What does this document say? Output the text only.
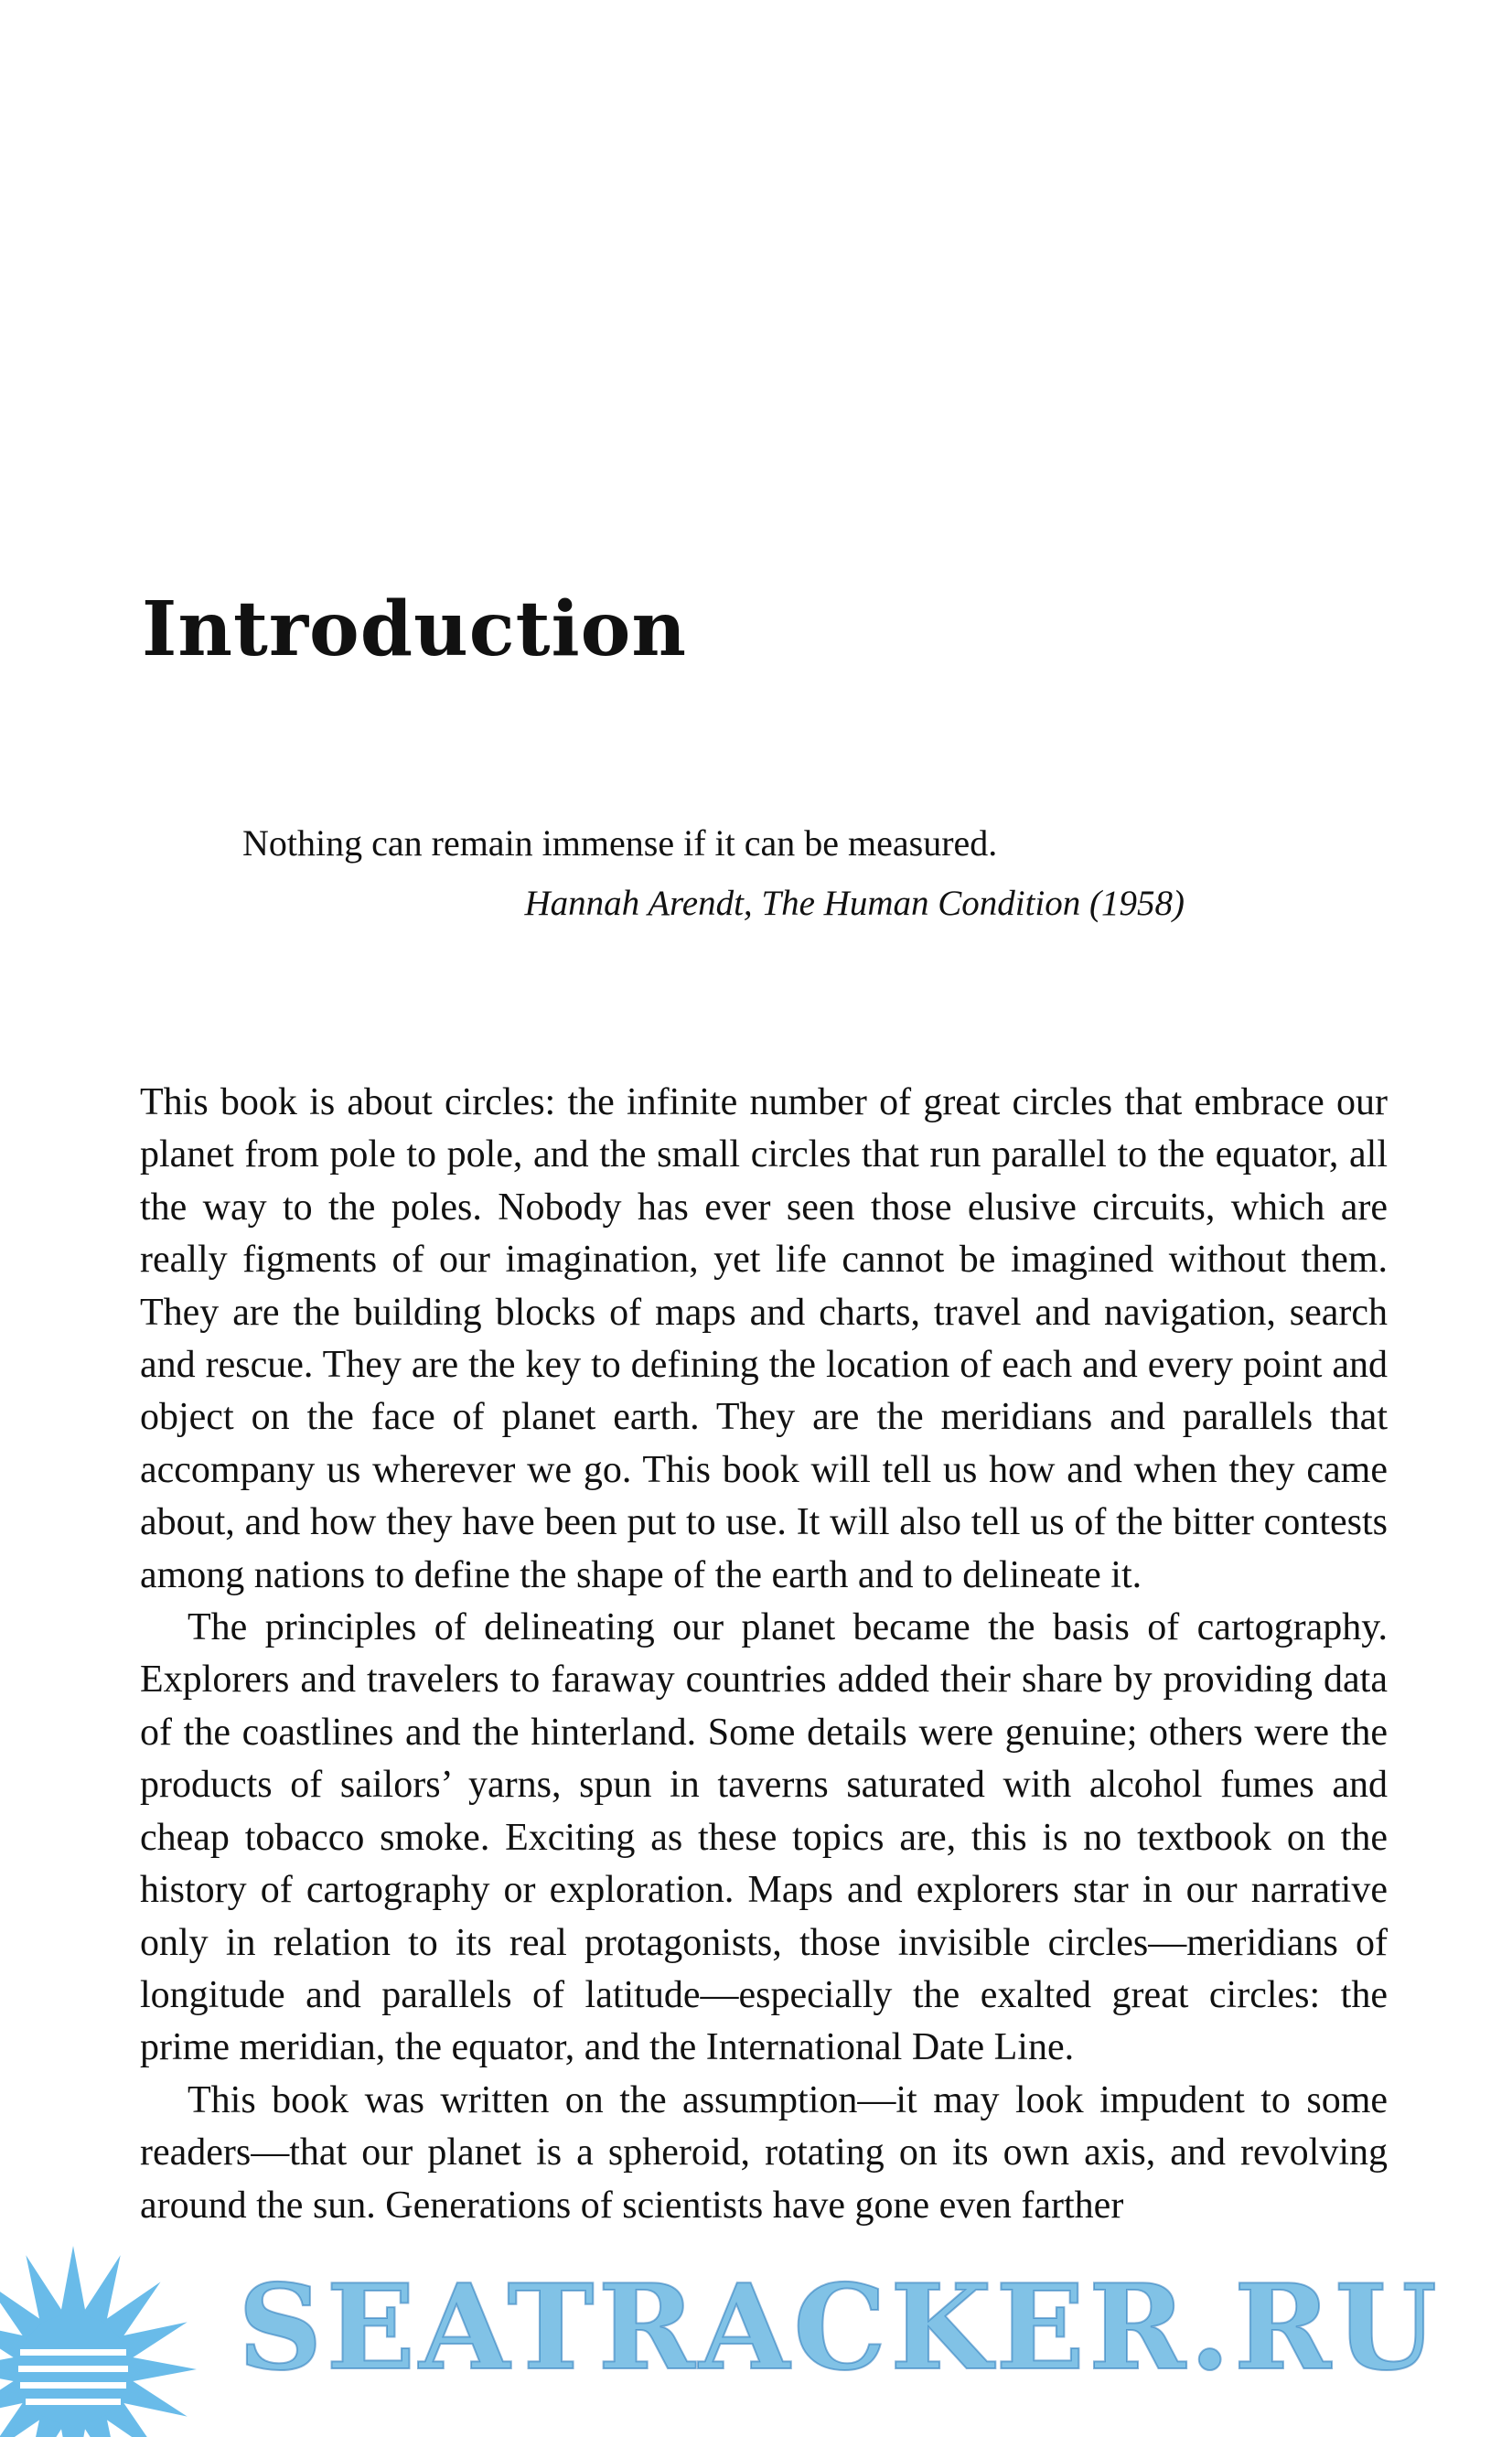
Introduction

Nothing can remain immense if it can be measured.

Hannah Arendt, The Human Condition (1958)

This book is about circles: the infinite number of great circles that embrace our planet from pole to pole, and the small circles that run parallel to the equator, all the way to the poles. Nobody has ever seen those elusive circuits, which are really figments of our imagination, yet life cannot be imagined without them. They are the building blocks of maps and charts, travel and navigation, search and rescue. They are the key to defining the location of each and every point and object on the face of planet earth. They are the meridians and parallels that accompany us wherever we go. This book will tell us how and when they came about, and how they have been put to use. It will also tell us of the bitter contests among nations to define the shape of the earth and to delineate it.

The principles of delineating our planet became the basis of cartography. Explorers and travelers to faraway countries added their share by providing data of the coastlines and the hinterland. Some details were genuine; others were the products of sailors’ yarns, spun in taverns saturated with alcohol fumes and cheap tobacco smoke. Exciting as these topics are, this is no textbook on the history of cartography or exploration. Maps and explorers star in our narrative only in relation to its real protagonists, those invisible circles—meridians of longitude and parallels of latitude—especially the exalted great circles: the prime meridian, the equator, and the International Date Line.

This book was written on the assumption—it may look impudent to some readers—that our planet is a spheroid, rotating on its own axis, and revolving around the sun. Generations of scientists have gone even farther

SEATRACKER.RU
